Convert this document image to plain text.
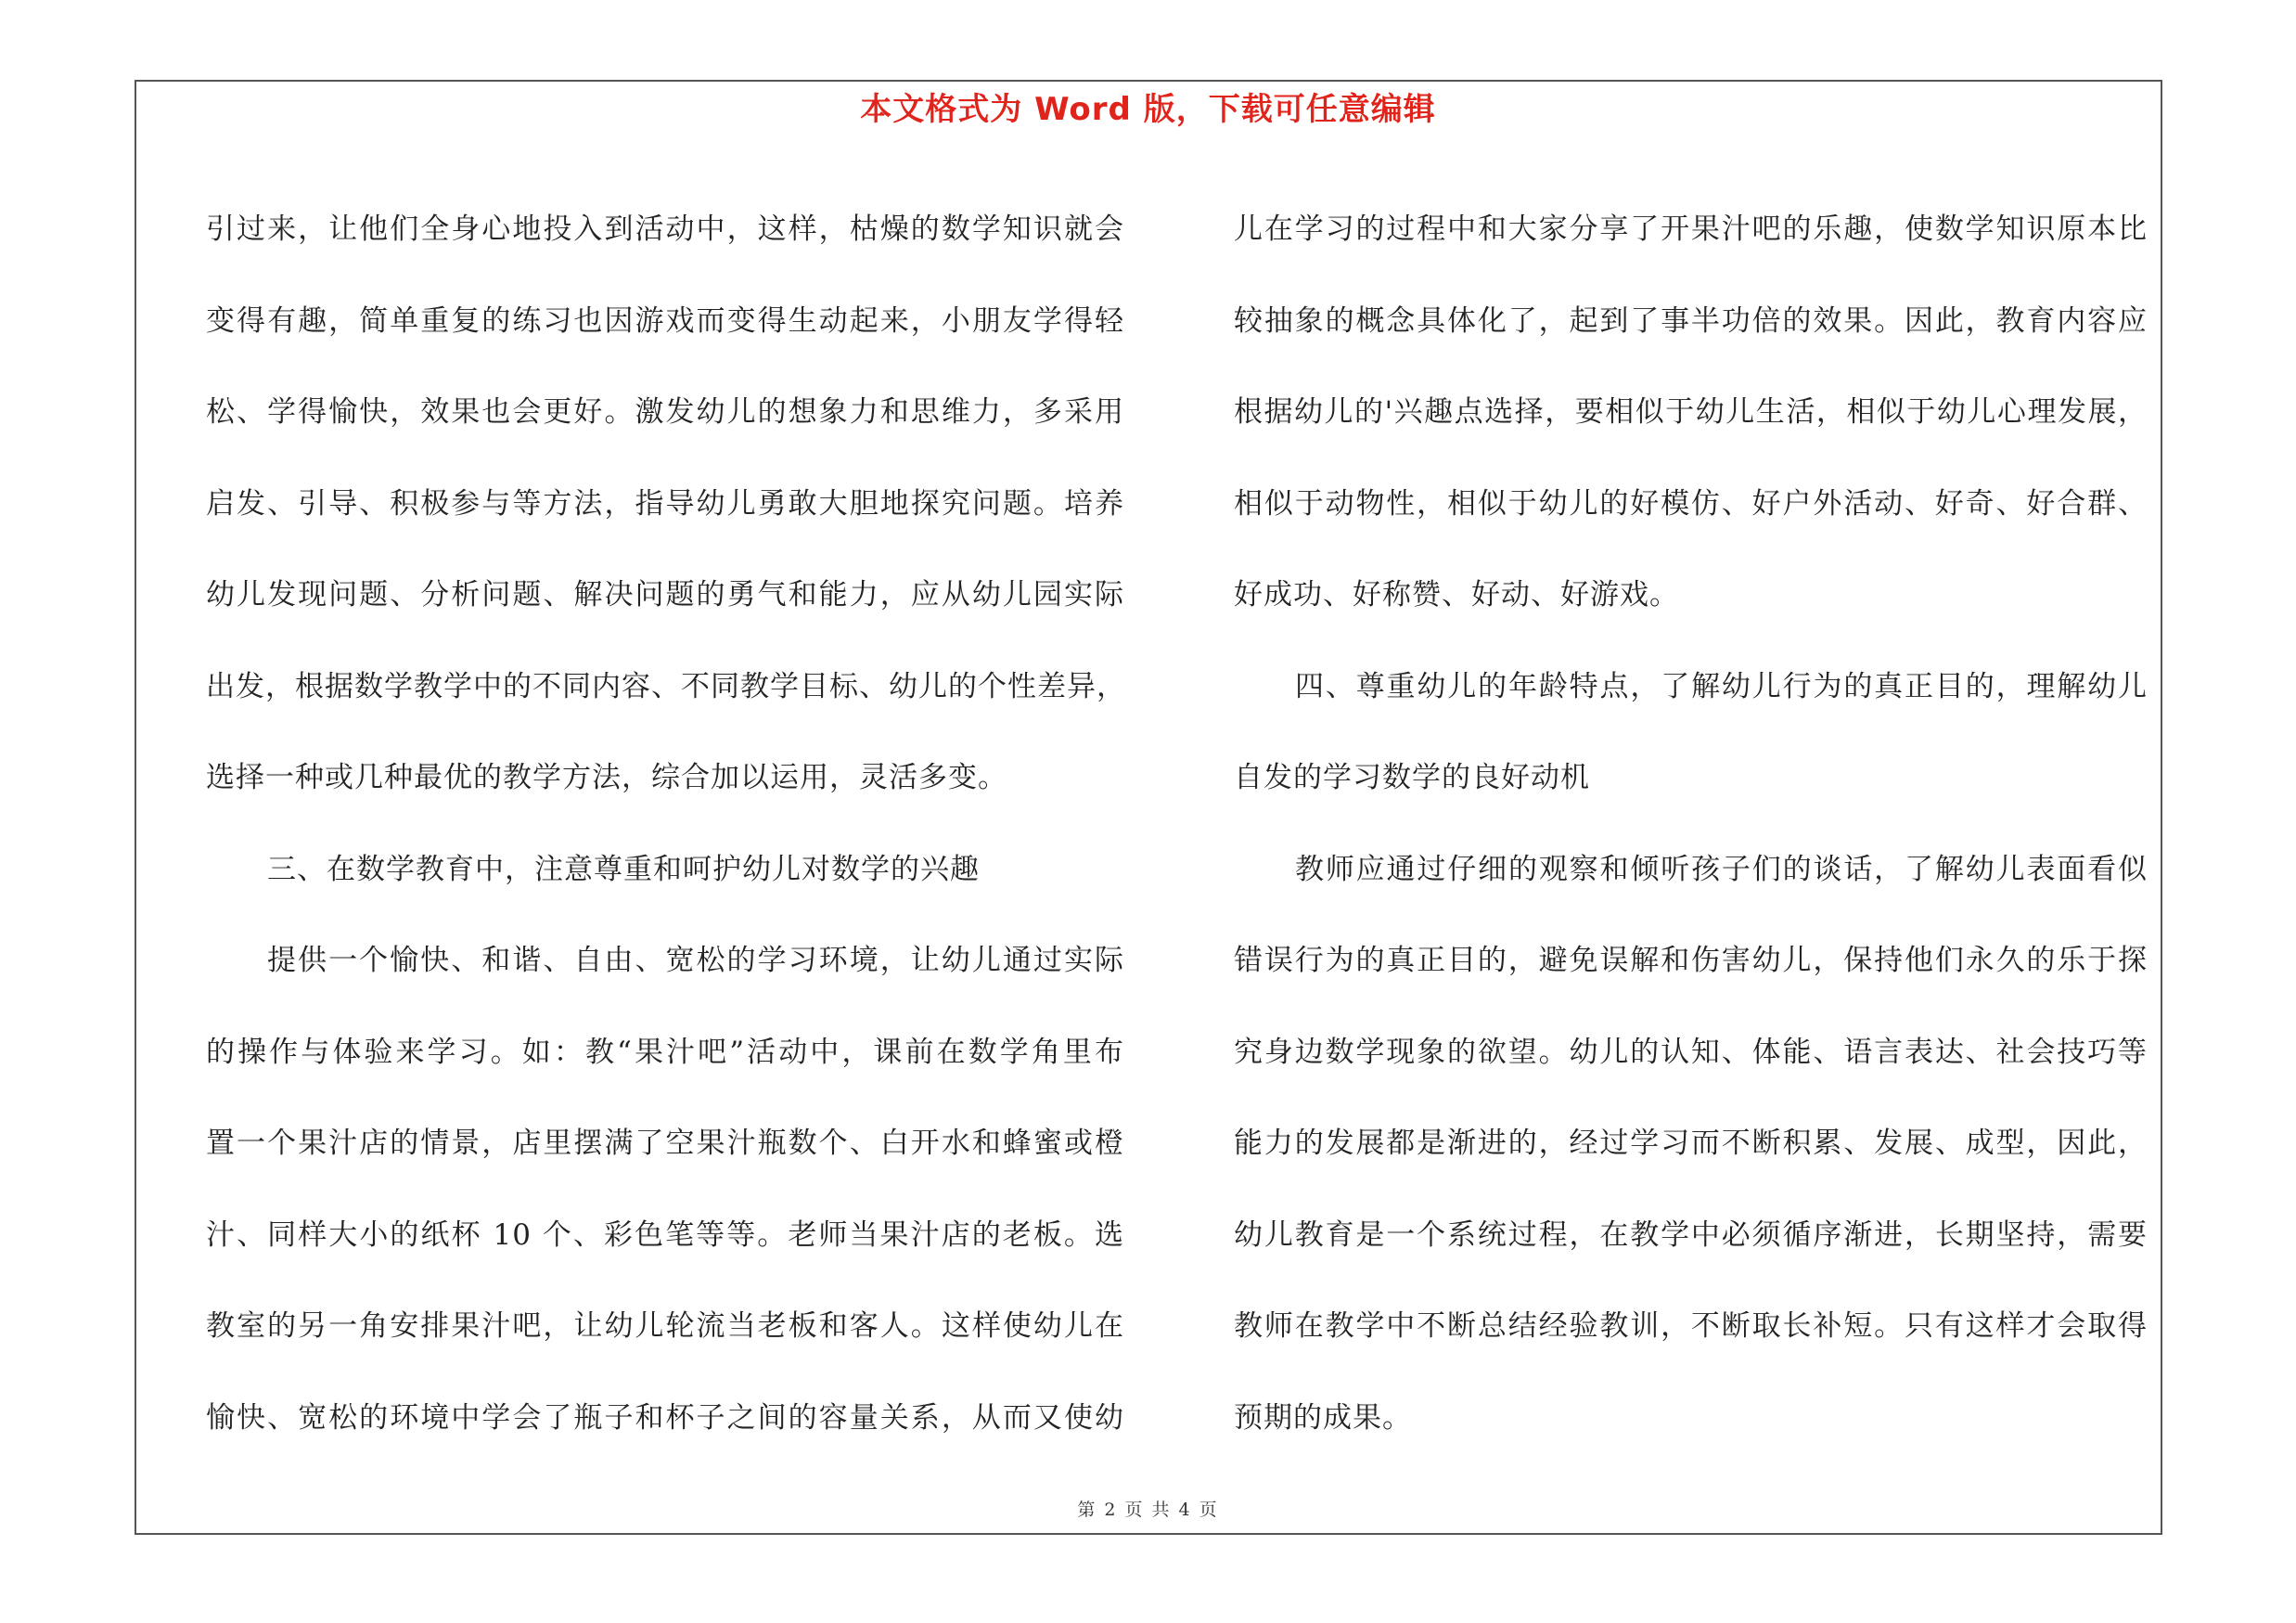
本文格式为 Word 版，下载可任意编辑
引过来，让他们全身心地投入到活动中，这样，枯燥的数学知识就会
变得有趣，简单重复的练习也因游戏而变得生动起来，小朋友学得轻
松、学得愉快，效果也会更好。激发幼儿的想象力和思维力，多采用
启发、引导、积极参与等方法，指导幼儿勇敢大胆地探究问题。培养
幼儿发现问题、分析问题、解决问题的勇气和能力，应从幼儿园实际
出发，根据数学教学中的不同内容、不同教学目标、幼儿的个性差异，
选择一种或几种最优的教学方法，综合加以运用，灵活多变。
三、在数学教育中，注意尊重和呵护幼儿对数学的兴趣
提供一个愉快、和谐、自由、宽松的学习环境，让幼儿通过实际
的操作与体验来学习。如：教“果汁吧”活动中，课前在数学角里布
置一个果汁店的情景，店里摆满了空果汁瓶数个、白开水和蜂蜜或橙
汁、同样大小的纸杯 10 个、彩色笔等等。老师当果汁店的老板。选
教室的另一角安排果汁吧，让幼儿轮流当老板和客人。这样使幼儿在
愉快、宽松的环境中学会了瓶子和杯子之间的容量关系，从而又使幼
儿在学习的过程中和大家分享了开果汁吧的乐趣，使数学知识原本比
较抽象的概念具体化了，起到了事半功倍的效果。因此，教育内容应
根据幼儿的'兴趣点选择，要相似于幼儿生活，相似于幼儿心理发展，
相似于动物性，相似于幼儿的好模仿、好户外活动、好奇、好合群、
好成功、好称赞、好动、好游戏。
四、尊重幼儿的年龄特点，了解幼儿行为的真正目的，理解幼儿
自发的学习数学的良好动机
教师应通过仔细的观察和倾听孩子们的谈话，了解幼儿表面看似
错误行为的真正目的，避免误解和伤害幼儿，保持他们永久的乐于探
究身边数学现象的欲望。幼儿的认知、体能、语言表达、社会技巧等
能力的发展都是渐进的，经过学习而不断积累、发展、成型，因此，
幼儿教育是一个系统过程，在教学中必须循序渐进，长期坚持，需要
教师在教学中不断总结经验教训，不断取长补短。只有这样才会取得
预期的成果。
第 2 页 共 4 页
